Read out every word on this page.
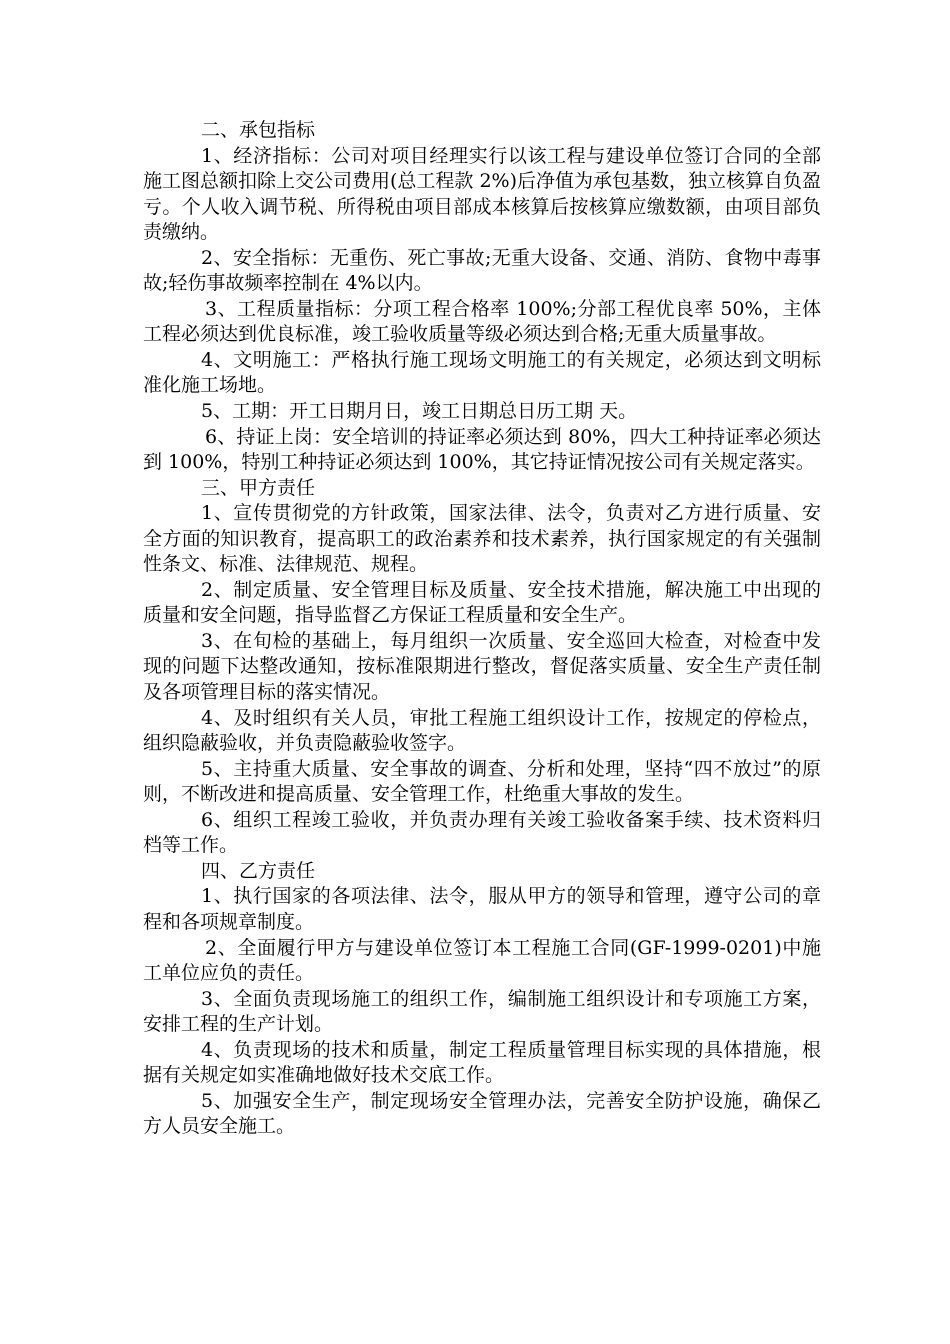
二、承包指标

1、经济指标：公司对项目经理实行以该工程与建设单位签订合同的全部施工图总额扣除上交公司费用(总工程款 2%)后净值为承包基数，独立核算自负盈亏。个人收入调节税、所得税由项目部成本核算后按核算应缴数额，由项目部负责缴纳。

2、安全指标：无重伤、死亡事故;无重大设备、交通、消防、食物中毒事故;轻伤事故频率控制在 4%以内。

3、工程质量指标：分项工程合格率 100%;分部工程优良率 50%，主体工程必须达到优良标准，竣工验收质量等级必须达到合格;无重大质量事故。

4、文明施工：严格执行施工现场文明施工的有关规定，必须达到文明标准化施工场地。

5、工期：开工日期月日，竣工日期总日历工期 天。

6、持证上岗：安全培训的持证率必须达到 80%，四大工种持证率必须达到 100%，特别工种持证必须达到 100%，其它持证情况按公司有关规定落实。

三、甲方责任

1、宣传贯彻党的方针政策，国家法律、法令，负责对乙方进行质量、安全方面的知识教育，提高职工的政治素养和技术素养，执行国家规定的有关强制性条文、标准、法律规范、规程。

2、制定质量、安全管理目标及质量、安全技术措施，解决施工中出现的质量和安全问题，指导监督乙方保证工程质量和安全生产。

3、在旬检的基础上，每月组织一次质量、安全巡回大检查，对检查中发现的问题下达整改通知，按标准限期进行整改，督促落实质量、安全生产责任制及各项管理目标的落实情况。

4、及时组织有关人员，审批工程施工组织设计工作，按规定的停检点，组织隐蔽验收，并负责隐蔽验收签字。

5、主持重大质量、安全事故的调查、分析和处理，坚持“四不放过”的原则，不断改进和提高质量、安全管理工作，杜绝重大事故的发生。

6、组织工程竣工验收，并负责办理有关竣工验收备案手续、技术资料归档等工作。

四、乙方责任

1、执行国家的各项法律、法令，服从甲方的领导和管理，遵守公司的章程和各项规章制度。

2、全面履行甲方与建设单位签订本工程施工合同(GF-1999-0201)中施工单位应负的责任。

3、全面负责现场施工的组织工作，编制施工组织设计和专项施工方案，安排工程的生产计划。

4、负责现场的技术和质量，制定工程质量管理目标实现的具体措施，根据有关规定如实准确地做好技术交底工作。

5、加强安全生产，制定现场安全管理办法，完善安全防护设施，确保乙方人员安全施工。
